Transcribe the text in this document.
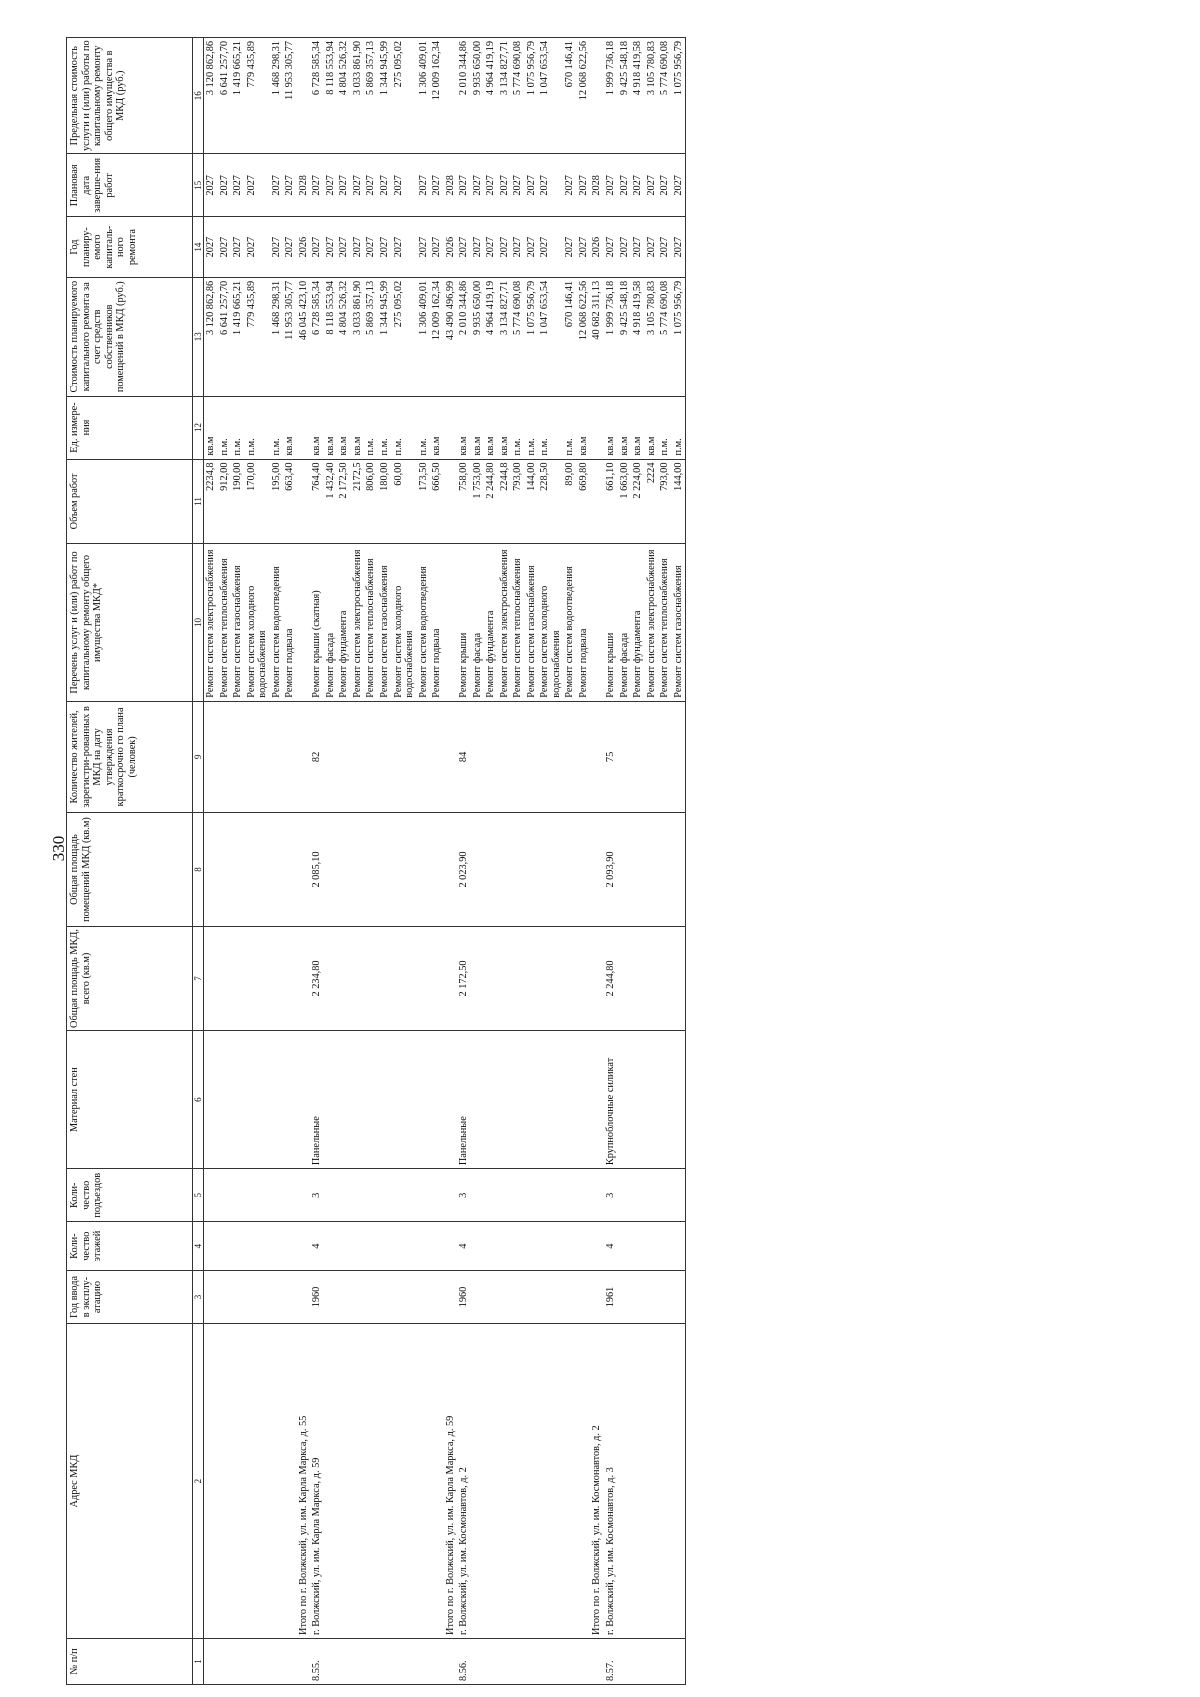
330
№ п/п	Адрес МКД	Год ввода в эксплу-атацию	Коли-чество этажей	Коли-чество подъездов	Материал стен	Общая площадь МКД, всего (кв.м)	Общая площадь помещений МКД (кв.м)	Количество жителей, зарегистри-рованных в МКД на дату утверждения краткосрочно го плана (человек)	Перечень услуг и (или) работ по капитальному ремонту общего имущества МКД*	Объем работ	Ед. измере-ния	Стоимость планируемого капитального ремонта за счет средств собственников помещений в МКД (руб.)	Год планиру-емого капиталь-ного ремонта	Плановая дата заверше-ния работ	Предельная стоимость услуги и (или) работы по капитальному ремонту общего имущества в МКД (руб.)
1	2	3	4	5	6	7	8	9	10	11	12	13	14	15	16
									Ремонт систем электроснабжения	2234,8	кв.м	3 120 862,86	2027	2027	3 120 862,86
									Ремонт систем теплоснабжения	912,00	п.м.	6 641 257,70	2027	2027	6 641 257,70
									Ремонт систем газоснабжения	190,00	п.м.	1 419 665,21	2027	2027	1 419 665,21
									Ремонт систем холодного водоснабжения	170,00	п.м.	779 435,89	2027	2027	779 435,89
									Ремонт систем водоотведения	195,00	п.м.	1 468 298,31	2027	2027	1 468 298,31
									Ремонт подвала	663,40	кв.м	11 953 305,77	2027	2027	11 953 305,77
	Итого по г. Волжский, ул. им. Карла Маркса, д. 55											46 045 423,10	2026	2028	
8.55.	г. Волжский, ул. им. Карла Маркса, д. 59	1960	4	3	Панельные	2 234,80	2 085,10	82	Ремонт крыши (скатная)	764,40	кв.м	6 728 585,34	2027	2027	6 728 585,34
									Ремонт фасада	1 432,40	кв.м	8 118 553,94	2027	2027	8 118 553,94
									Ремонт фундамента	2 172,50	кв.м	4 804 526,32	2027	2027	4 804 526,32
									Ремонт систем электроснабжения	2172,5	кв.м	3 033 861,90	2027	2027	3 033 861,90
									Ремонт систем теплоснабжения	806,00	п.м.	5 869 357,13	2027	2027	5 869 357,13
									Ремонт систем газоснабжения	180,00	п.м.	1 344 945,99	2027	2027	1 344 945,99
									Ремонт систем холодного водоснабжения	60,00	п.м.	275 095,02	2027	2027	275 095,02
									Ремонт систем водоотведения	173,50	п.м.	1 306 409,01	2027	2027	1 306 409,01
									Ремонт подвала	666,50	кв.м	12 009 162,34	2027	2027	12 009 162,34
	Итого по г. Волжский, ул. им. Карла Маркса, д. 59											43 490 496,99	2026	2028	
8.56.	г. Волжский, ул. им. Космонавтов, д. 2	1960	4	3	Панельные	2 172,50	2 023,90	84	Ремонт крыши	758,00	кв.м	2 010 344,86	2027	2027	2 010 344,86
									Ремонт фасада	1 753,00	кв.м	9 935 650,00	2027	2027	9 935 650,00
									Ремонт фундамента	2 244,80	кв.м	4 964 419,19	2027	2027	4 964 419,19
									Ремонт систем электроснабжения	2244,8	кв.м	3 134 827,71	2027	2027	3 134 827,71
									Ремонт систем теплоснабжения	793,00	п.м.	5 774 690,08	2027	2027	5 774 690,08
									Ремонт систем газоснабжения	144,00	п.м.	1 075 956,79	2027	2027	1 075 956,79
									Ремонт систем холодного водоснабжения	228,50	п.м.	1 047 653,54	2027	2027	1 047 653,54
									Ремонт систем водоотведения	89,00	п.м.	670 146,41	2027	2027	670 146,41
									Ремонт подвала	669,80	кв.м	12 068 622,56	2027	2027	12 068 622,56
	Итого по г. Волжский, ул. им. Космонавтов, д. 2											40 682 311,13	2026	2028	
8.57.	г. Волжский, ул. им. Космонавтов, д. 3	1961	4	3	Крупноблочные силикат	2 244,80	2 093,90	75	Ремонт крыши	661,10	кв.м	1 999 736,18	2027	2027	1 999 736,18
									Ремонт фасада	1 663,00	кв.м	9 425 548,18	2027	2027	9 425 548,18
									Ремонт фундамента	2 224,00	кв.м	4 918 419,58	2027	2027	4 918 419,58
									Ремонт систем электроснабжения	2224	кв.м	3 105 780,83	2027	2027	3 105 780,83
									Ремонт систем теплоснабжения	793,00	п.м.	5 774 690,08	2027	2027	5 774 690,08
									Ремонт систем газоснабжения	144,00	п.м.	1 075 956,79	2027	2027	1 075 956,79
